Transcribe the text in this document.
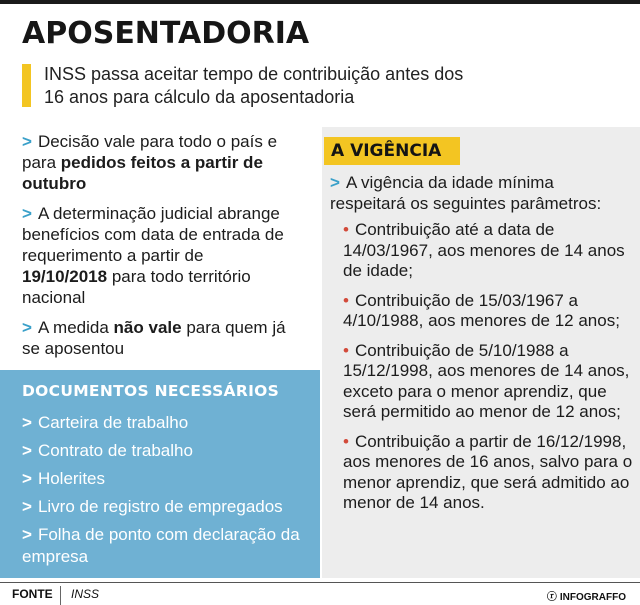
APOSENTADORIA
INSS passa aceitar tempo de contribuição antes dos
16 anos para cálculo da aposentadoria

> Decisão vale para todo o país e para pedidos feitos a partir de outubro

> A determinação judicial abrange benefícios com data de entrada de requerimento a partir de 19/10/2018 para todo território nacional

> A medida não vale para quem já se aposentou

DOCUMENTOS NECESSÁRIOS
> Carteira de trabalho
> Contrato de trabalho
> Holerites
> Livro de registro de empregados
> Folha de ponto com declaração da empresa
A VIGÊNCIA
> A vigência da idade mínima respeitará os seguintes parâmetros:
• Contribuição até a data de 14/03/1967, aos menores de 14 anos de idade;
• Contribuição de 15/03/1967 a 4/10/1988, aos menores de 12 anos;
• Contribuição de 5/10/1988 a 15/12/1998, aos menores de 14 anos, exceto para o menor aprendiz, que será permitido ao menor de 12 anos;
• Contribuição a partir de 16/12/1998, aos menores de 16 anos, salvo para o menor aprendiz, que será admitido ao menor de 14 anos.
FONTE INSS	ⓡ INFOGRAFFO
